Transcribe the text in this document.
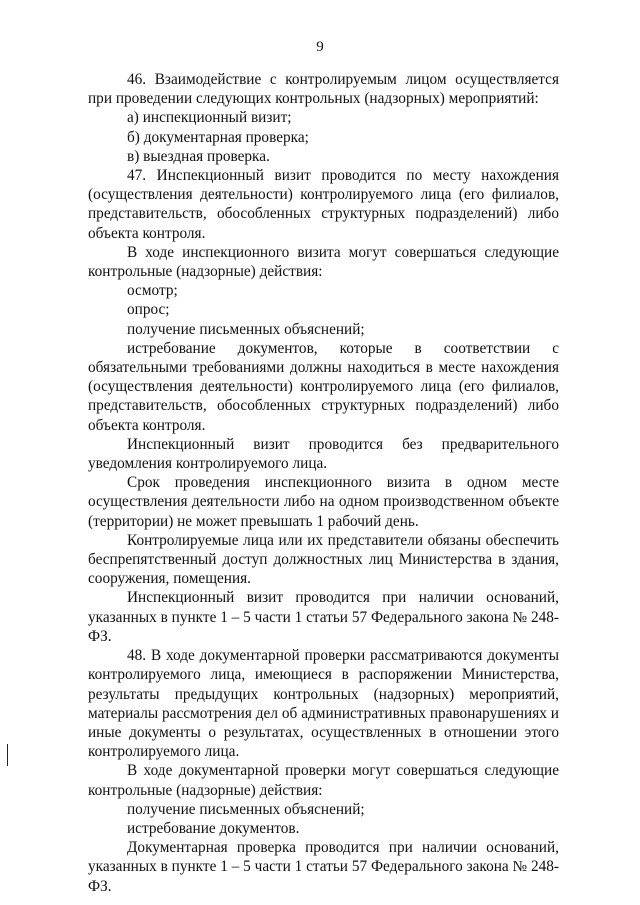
9

46. Взаимодействие с контролируемым лицом осуществляется при проведении следующих контрольных (надзорных) мероприятий:

а) инспекционный визит;

б) документарная проверка;

в) выездная проверка.

47. Инспекционный визит проводится по месту нахождения (осуществления деятельности) контролируемого лица (его филиалов, представительств, обособленных структурных подразделений) либо объекта контроля.

В ходе инспекционного визита могут совершаться следующие контрольные (надзорные) действия:

осмотр;

опрос;

получение письменных объяснений;

истребование документов, которые в соответствии с обязательными требованиями должны находиться в месте нахождения (осуществления деятельности) контролируемого лица (его филиалов, представительств, обособленных структурных подразделений) либо объекта контроля.

Инспекционный визит проводится без предварительного уведомления контролируемого лица.

Срок проведения инспекционного визита в одном месте осуществления деятельности либо на одном производственном объекте (территории) не может превышать 1 рабочий день.

Контролируемые лица или их представители обязаны обеспечить беспрепятственный доступ должностных лиц Министерства в здания, сооружения, помещения.

Инспекционный визит проводится при наличии оснований, указанных в пункте 1 – 5 части 1 статьи 57 Федерального закона № 248-ФЗ.

48. В ходе документарной проверки рассматриваются документы контролируемого лица, имеющиеся в распоряжении Министерства, результаты предыдущих контрольных (надзорных) мероприятий, материалы рассмотрения дел об административных правонарушениях и иные документы о результатах, осуществленных в отношении этого контролируемого лица.

В ходе документарной проверки могут совершаться следующие контрольные (надзорные) действия:

получение письменных объяснений;

истребование документов.

Документарная проверка проводится при наличии оснований, указанных в пункте 1 – 5 части 1 статьи 57 Федерального закона № 248-ФЗ.
